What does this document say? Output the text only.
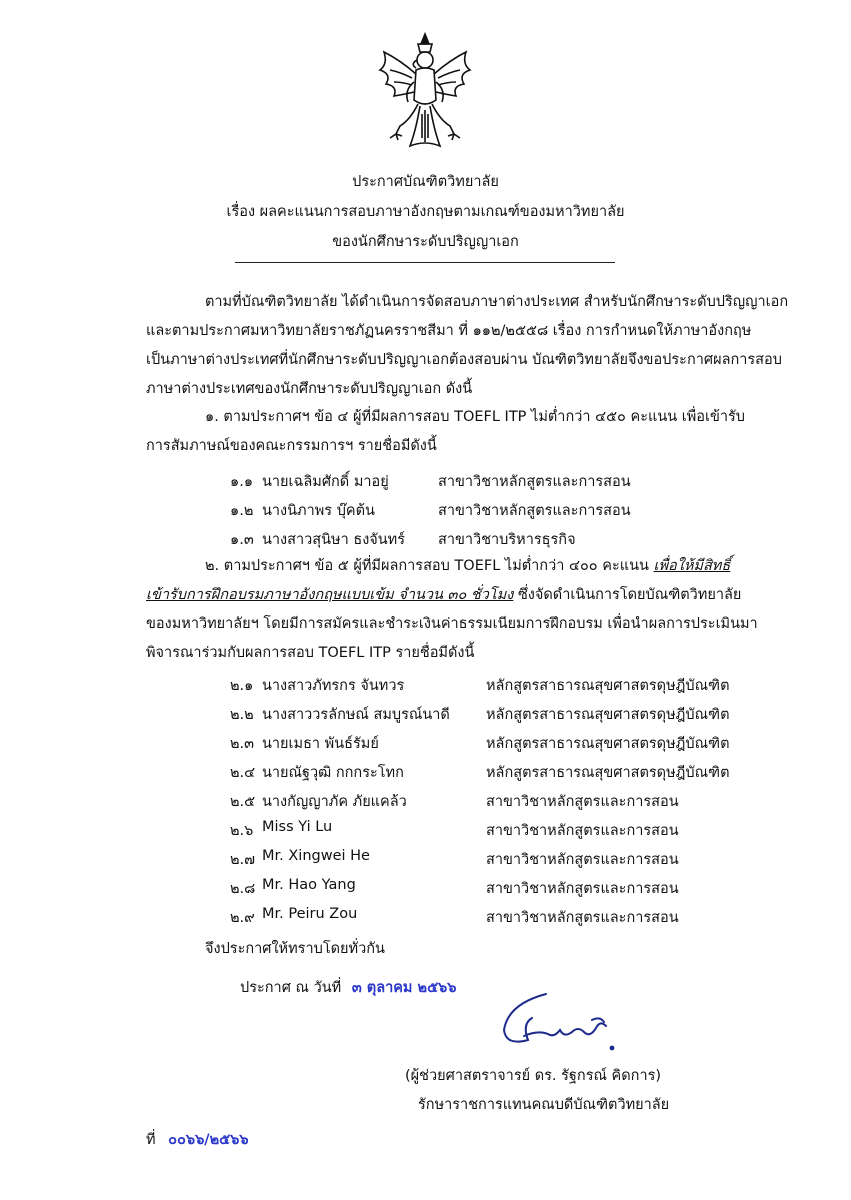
ประกาศบัณฑิตวิทยาลัย
เรื่อง ผลคะแนนการสอบภาษาอังกฤษตามเกณฑ์ของมหาวิทยาลัย
ของนักศึกษาระดับปริญญาเอก
ตามที่บัณฑิตวิทยาลัย ได้ดำเนินการจัดสอบภาษาต่างประเทศ สำหรับนักศึกษาระดับปริญญาเอก
และตามประกาศมหาวิทยาลัยราชภัฏนครราชสีมา ที่ ๑๑๒/๒๕๕๘ เรื่อง การกำหนดให้ภาษาอังกฤษ
เป็นภาษาต่างประเทศที่นักศึกษาระดับปริญญาเอกต้องสอบผ่าน บัณฑิตวิทยาลัยจึงขอประกาศผลการสอบ
ภาษาต่างประเทศของนักศึกษาระดับปริญญาเอก ดังนี้
๑. ตามประกาศฯ ข้อ ๔ ผู้ที่มีผลการสอบ TOEFL ITP ไม่ต่ำกว่า ๔๕๐ คะแนน เพื่อเข้ารับ
การสัมภาษณ์ของคณะกรรมการฯ รายชื่อมีดังนี้
๑.๑ นายเฉลิมศักดิ์ มาอยู่	สาขาวิชาหลักสูตรและการสอน
๑.๒ นางนิภาพร บุ๊คต้น	สาขาวิชาหลักสูตรและการสอน
๑.๓ นางสาวสุนิษา ธงจันทร์ สาขาวิชาบริหารธุรกิจ
๒. ตามประกาศฯ ข้อ ๕ ผู้ที่มีผลการสอบ TOEFL ไม่ต่ำกว่า ๔๐๐ คะแนน เพื่อให้มีสิทธิ์
เข้ารับการฝึกอบรมภาษาอังกฤษแบบเข้ม จำนวน ๓๐ ชั่วโมง ซึ่งจัดดำเนินการโดยบัณฑิตวิทยาลัย
ของมหาวิทยาลัยฯ โดยมีการสมัครและชำระเงินค่าธรรมเนียมการฝึกอบรม เพื่อนำผลการประเมินมา
พิจารณาร่วมกับผลการสอบ TOEFL ITP รายชื่อมีดังนี้
๒.๑ นางสาวภัทรกร จันทวร	หลักสูตรสาธารณสุขศาสตรดุษฎีบัณฑิต
๒.๒ นางสาววรลักษณ์ สมบูรณ์นาดี หลักสูตรสาธารณสุขศาสตรดุษฎีบัณฑิต
๒.๓ นายเมธา พันธ์รัมย์	หลักสูตรสาธารณสุขศาสตรดุษฎีบัณฑิต
๒.๔ นายณัฐวุฒิ กกกระโทก	หลักสูตรสาธารณสุขศาสตรดุษฎีบัณฑิต
๒.๕ นางกัญญาภัค ภัยแคล้ว	สาขาวิชาหลักสูตรและการสอน
๒.๖ Miss Yi Lu	สาขาวิชาหลักสูตรและการสอน
๒.๗ Mr. Xingwei He	สาขาวิชาหลักสูตรและการสอน
๒.๘ Mr. Hao Yang	สาขาวิชาหลักสูตรและการสอน
๒.๙ Mr. Peiru Zou	สาขาวิชาหลักสูตรและการสอน
จึงประกาศให้ทราบโดยทั่วกัน
ประกาศ ณ วันที่ ๓ ตุลาคม ๒๕๖๖
(ผู้ช่วยศาสตราจารย์ ดร. รัฐกรณ์ คิดการ)
รักษาราชการแทนคณบดีบัณฑิตวิทยาลัย
ที่ ๐๐๖๖/๒๕๖๖
